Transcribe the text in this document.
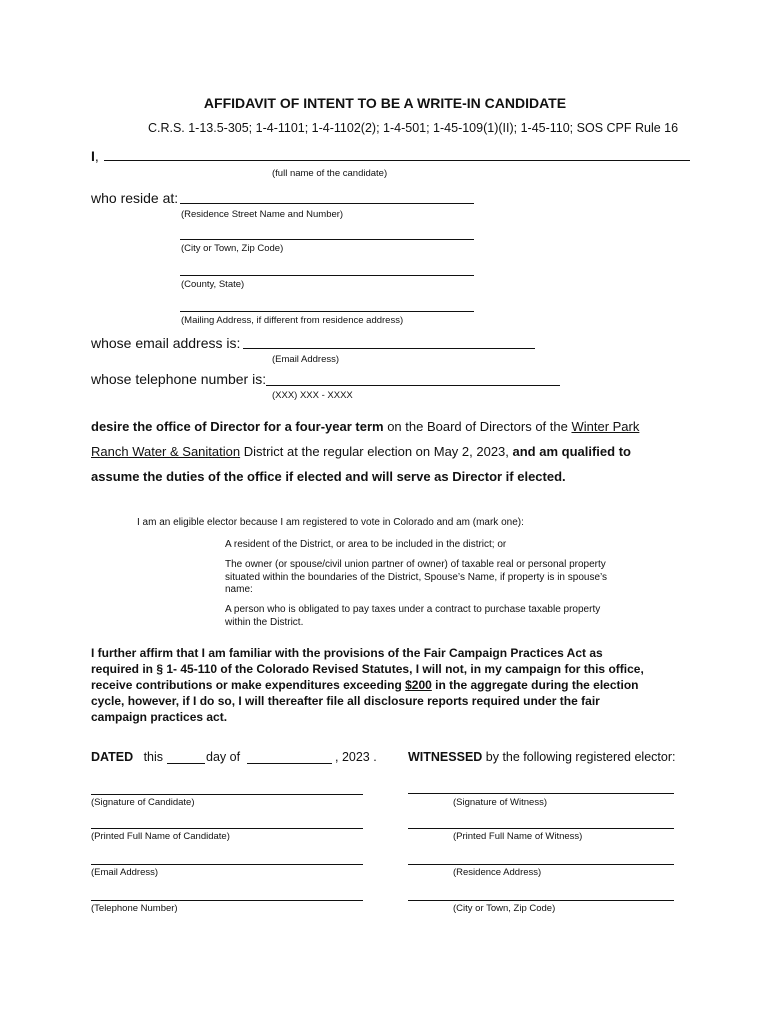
AFFIDAVIT OF INTENT TO BE A WRITE-IN CANDIDATE
C.R.S. 1-13.5-305; 1-4-1101; 1-4-1102(2); 1-4-501; 1-45-109(1)(II); 1-45-110; SOS CPF Rule 16
I,
(full name of the candidate)
who reside at:
(Residence Street Name and Number)
(City or Town, Zip Code)
(County, State)
(Mailing Address, if different from residence address)
whose email address is:
(Email Address)
whose telephone number is:
(XXX) XXX - XXXX
desire the office of Director for a four-year term on the Board of Directors of the Winter Park
Ranch Water & Sanitation District at the regular election on May 2, 2023, and am qualified to
assume the duties of the office if elected and will serve as Director if elected.
I am an eligible elector because I am registered to vote in Colorado and am (mark one):
A resident of the District, or area to be included in the district; or
The owner (or spouse/civil union partner of owner) of taxable real or personal property
situated within the boundaries of the District, Spouse’s Name, if property is in spouse’s
name:
A person who is obligated to pay taxes under a contract to purchase taxable property
within the District.
I further affirm that I am familiar with the provisions of the Fair Campaign Practices Act as
required in § 1- 45-110 of the Colorado Revised Statutes, I will not, in my campaign for this office,
receive contributions or make expenditures exceeding $200 in the aggregate during the election
cycle, however, if I do so, I will thereafter file all disclosure reports required under the fair
campaign practices act.
DATED this	day of	, 2023 .	WITNESSED by the following registered elector:
(Signature of Candidate)
(Printed Full Name of Candidate)
(Email Address)
(Telephone Number)
(Signature of Witness)
(Printed Full Name of Witness)
(Residence Address)
(City or Town, Zip Code)
